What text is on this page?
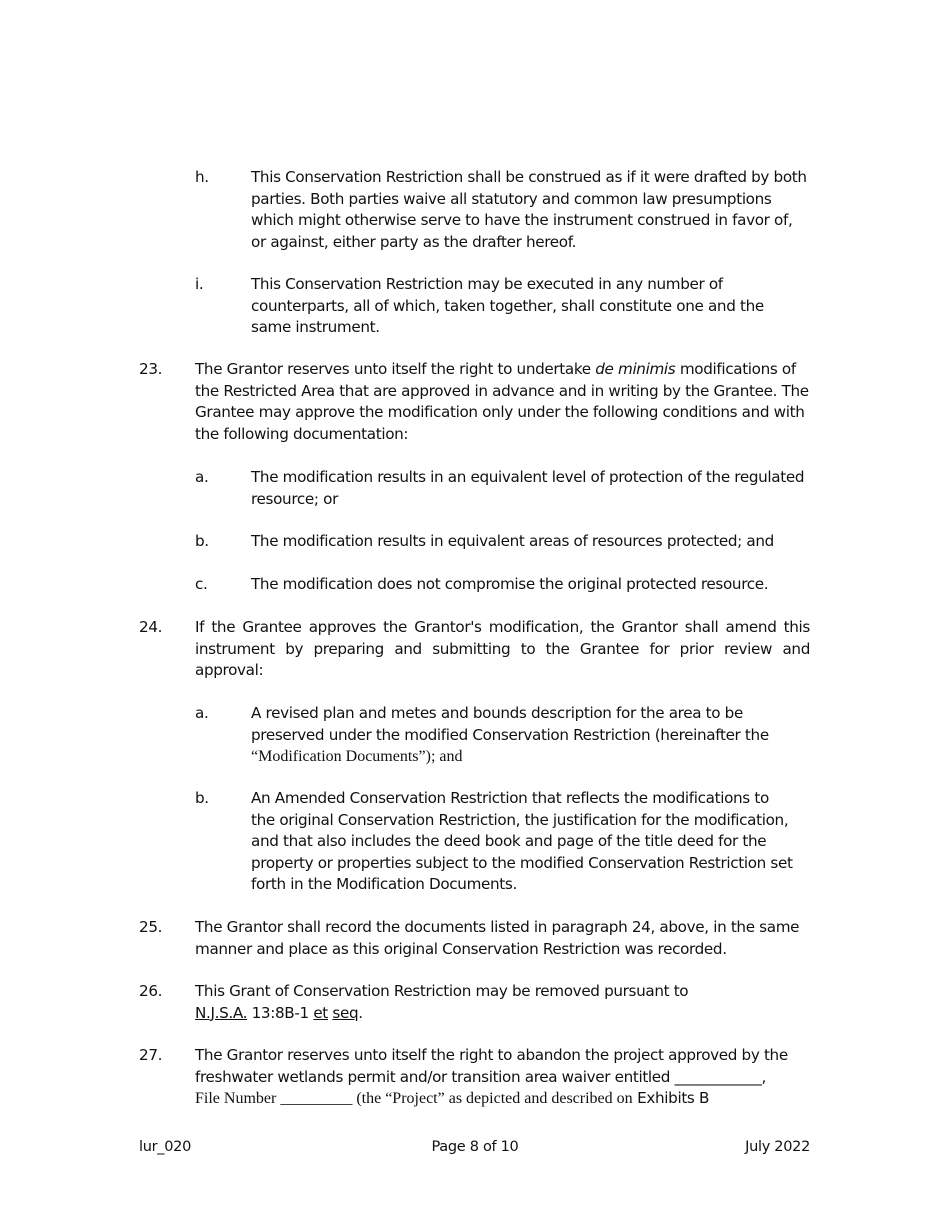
h.	This Conservation Restriction shall be construed as if it were drafted by both parties. Both parties waive all statutory and common law presumptions which might otherwise serve to have the instrument construed in favor of, or against, either party as the drafter hereof.
i.	This Conservation Restriction may be executed in any number of counterparts, all of which, taken together, shall constitute one and the same instrument.
23. The Grantor reserves unto itself the right to undertake de minimis modifications of the Restricted Area that are approved in advance and in writing by the Grantee. The Grantee may approve the modification only under the following conditions and with the following documentation:
a.	The modification results in an equivalent level of protection of the regulated resource; or
b.	The modification results in equivalent areas of resources protected; and
c.	The modification does not compromise the original protected resource.
24. If the Grantee approves the Grantor's modification, the Grantor shall amend this instrument by preparing and submitting to the Grantee for prior review and approval:
a.	A revised plan and metes and bounds description for the area to be preserved under the modified Conservation Restriction (hereinafter the
“Modification Documents”); and
b.	An Amended Conservation Restriction that reflects the modifications to the original Conservation Restriction, the justification for the modification, and that also includes the deed book and page of the title deed for the property or properties subject to the modified Conservation Restriction set forth in the Modification Documents.
25. The Grantor shall record the documents listed in paragraph 24, above, in the same manner and place as this original Conservation Restriction was recorded.
26. This Grant of Conservation Restriction may be removed pursuant to
N.J.S.A. 13:8B-1 et seq.
27. The Grantor reserves unto itself the right to abandon the project approved by the freshwater wetlands permit and/or transition area waiver entitled ____________,
File Number _________ (the “Project” as depicted and described on Exhibits B
lur_020	Page 8 of 10	July 2022
